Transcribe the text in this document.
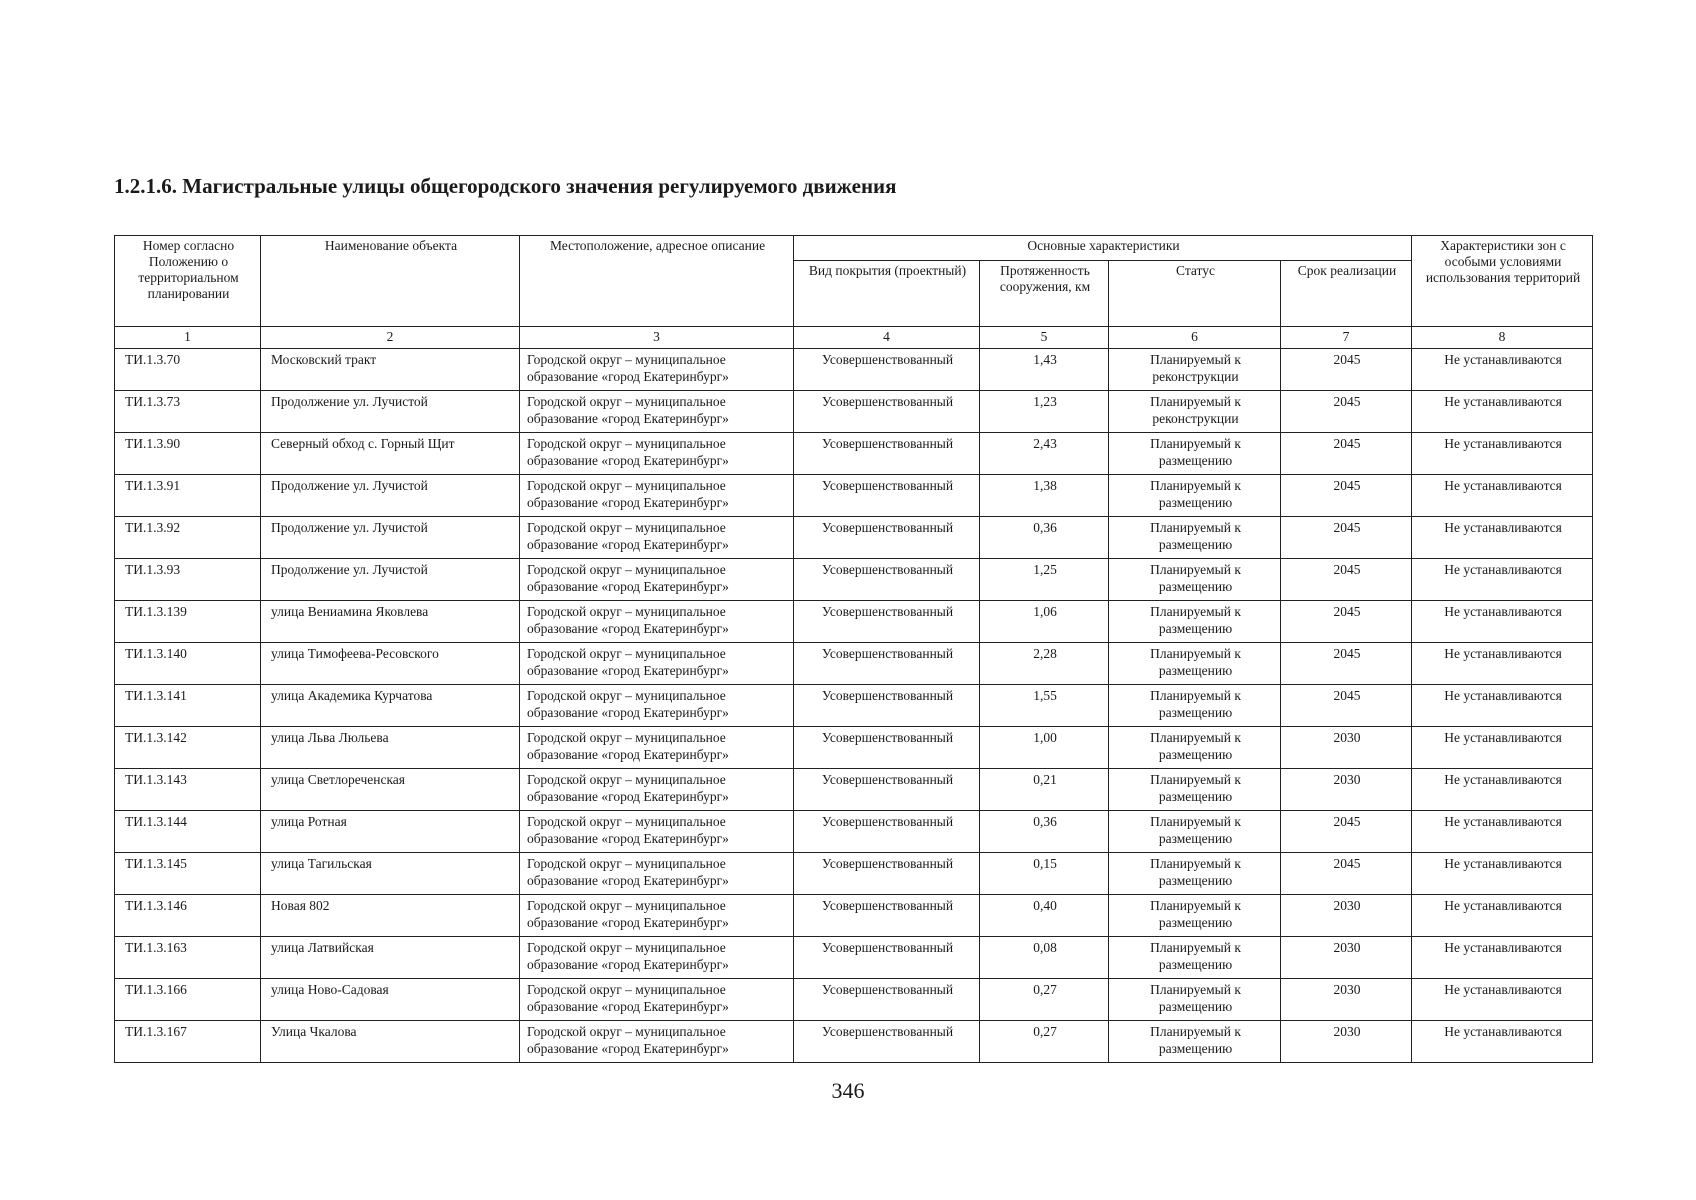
1.2.1.6. Магистральные улицы общегородского значения регулируемого движения
Номер согласно Положению о территориальном планировании	Наименование объекта	Местоположение, адресное описание	Основные характеристики				Характеристики зон с особыми условиями использования территорий
			Вид покрытия (проектный)	Протяженность сооружения, км	Статус	Срок реализации	
1	2	3	4	5	6	7	8
ТИ.1.3.70	Московский тракт	Городской округ – муниципальное образование «город Екатеринбург»	Усовершенствованный	1,43	Планируемый к реконструкции	2045	Не устанавливаются
ТИ.1.3.73	Продолжение ул. Лучистой	Городской округ – муниципальное образование «город Екатеринбург»	Усовершенствованный	1,23	Планируемый к реконструкции	2045	Не устанавливаются
ТИ.1.3.90	Северный обход с. Горный Щит	Городской округ – муниципальное образование «город Екатеринбург»	Усовершенствованный	2,43	Планируемый к размещению	2045	Не устанавливаются
ТИ.1.3.91	Продолжение ул. Лучистой	Городской округ – муниципальное образование «город Екатеринбург»	Усовершенствованный	1,38	Планируемый к размещению	2045	Не устанавливаются
ТИ.1.3.92	Продолжение ул. Лучистой	Городской округ – муниципальное образование «город Екатеринбург»	Усовершенствованный	0,36	Планируемый к размещению	2045	Не устанавливаются
ТИ.1.3.93	Продолжение ул. Лучистой	Городской округ – муниципальное образование «город Екатеринбург»	Усовершенствованный	1,25	Планируемый к размещению	2045	Не устанавливаются
ТИ.1.3.139	улица Вениамина Яковлева	Городской округ – муниципальное образование «город Екатеринбург»	Усовершенствованный	1,06	Планируемый к размещению	2045	Не устанавливаются
ТИ.1.3.140	улица Тимофеева-Ресовского	Городской округ – муниципальное образование «город Екатеринбург»	Усовершенствованный	2,28	Планируемый к размещению	2045	Не устанавливаются
ТИ.1.3.141	улица Академика Курчатова	Городской округ – муниципальное образование «город Екатеринбург»	Усовершенствованный	1,55	Планируемый к размещению	2045	Не устанавливаются
ТИ.1.3.142	улица Льва Люльева	Городской округ – муниципальное образование «город Екатеринбург»	Усовершенствованный	1,00	Планируемый к размещению	2030	Не устанавливаются
ТИ.1.3.143	улица Светлореченская	Городской округ – муниципальное образование «город Екатеринбург»	Усовершенствованный	0,21	Планируемый к размещению	2030	Не устанавливаются
ТИ.1.3.144	улица Ротная	Городской округ – муниципальное образование «город Екатеринбург»	Усовершенствованный	0,36	Планируемый к размещению	2045	Не устанавливаются
ТИ.1.3.145	улица Тагильская	Городской округ – муниципальное образование «город Екатеринбург»	Усовершенствованный	0,15	Планируемый к размещению	2045	Не устанавливаются
ТИ.1.3.146	Новая 802	Городской округ – муниципальное образование «город Екатеринбург»	Усовершенствованный	0,40	Планируемый к размещению	2030	Не устанавливаются
ТИ.1.3.163	улица Латвийская	Городской округ – муниципальное образование «город Екатеринбург»	Усовершенствованный	0,08	Планируемый к размещению	2030	Не устанавливаются
ТИ.1.3.166	улица Ново-Садовая	Городской округ – муниципальное образование «город Екатеринбург»	Усовершенствованный	0,27	Планируемый к размещению	2030	Не устанавливаются
ТИ.1.3.167	Улица Чкалова	Городской округ – муниципальное образование «город Екатеринбург»	Усовершенствованный	0,27	Планируемый к размещению	2030	Не устанавливаются
346
